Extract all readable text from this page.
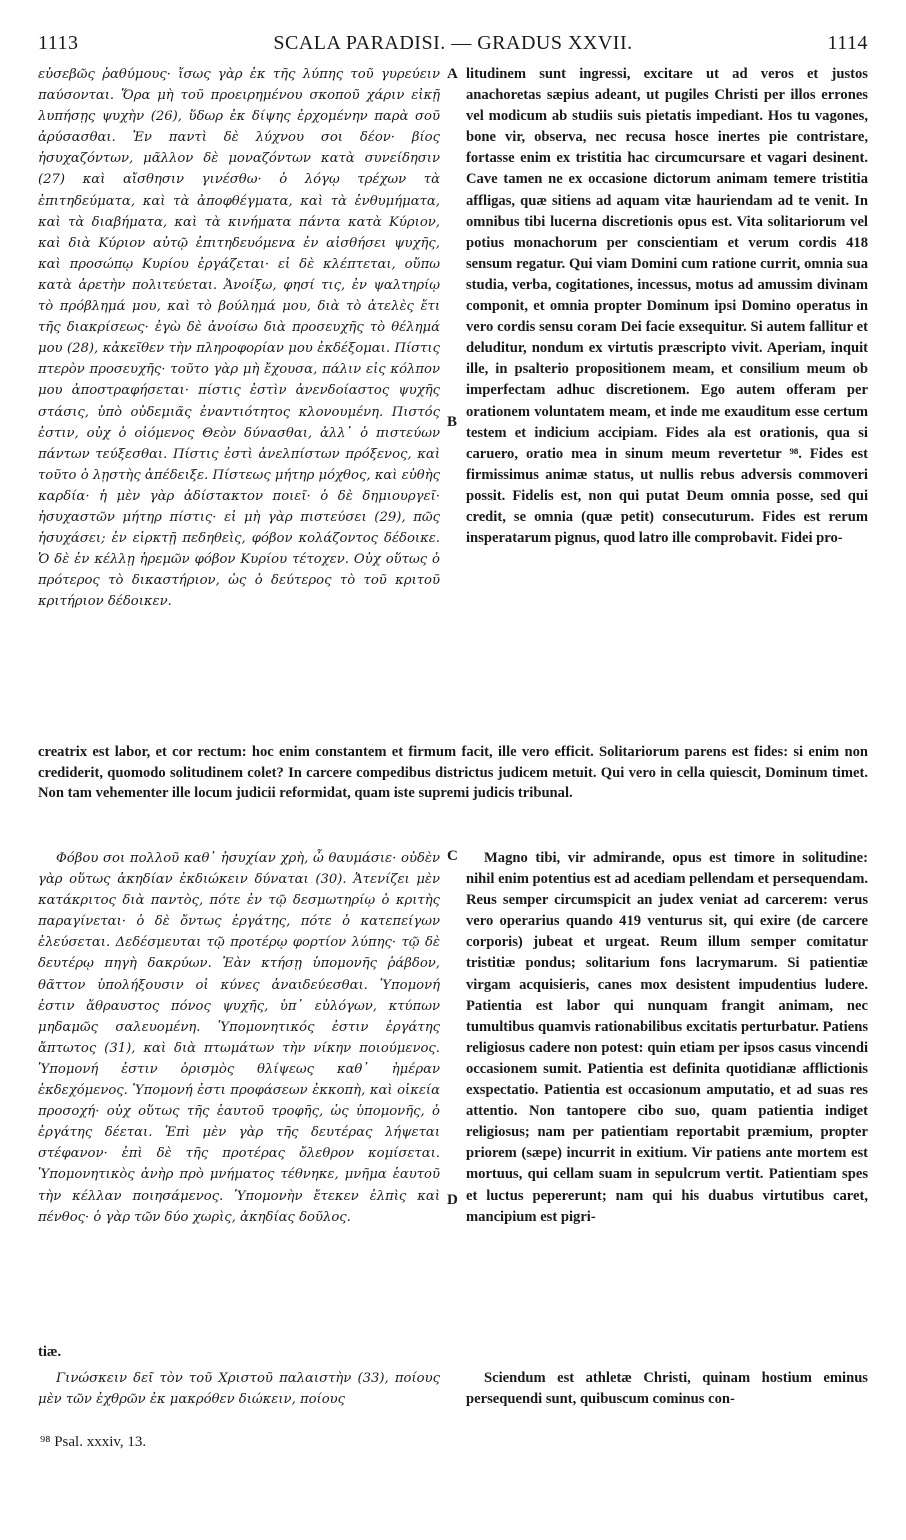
1113	SCALA PARADISI. — GRADUS XXVII.	1114

εὐσεβῶς ῥαθύμους· ἴσως γὰρ ἐκ τῆς λύπης τοῦ γυρεύειν παύσονται. Ὅρα μὴ τοῦ προειρημένου σκοποῦ χάριν εἰκῇ λυπήσῃς ψυχὴν (26), ὕδωρ ἐκ δίψης ἐρχομένην παρὰ σοῦ ἀρύσασθαι. Ἐν παντὶ δὲ λύχνου σοι δέον· βίος ἡσυχαζόντων, μᾶλλον δὲ μοναζόντων κατὰ συνείδησιν (27) καὶ αἴσθησιν γινέσθω· ὁ λόγῳ τρέχων τὰ ἐπιτηδεύματα, καὶ τὰ ἀποφθέγματα, καὶ τὰ ἐνθυμήματα, καὶ τὰ διαβήματα, καὶ τὰ κινήματα πάντα κατὰ Κύριον, καὶ διὰ Κύριον αὐτῷ ἐπιτηδευόμενα ἐν αἰσθήσει ψυχῆς, καὶ προσώπῳ Κυρίου ἐργάζεται· εἰ δὲ κλέπτεται, οὔπω κατὰ ἀρετὴν πολιτεύεται. Ἀνοίξω, φησί τις, ἐν ψαλτηρίῳ τὸ πρόβλημά μου, καὶ τὸ βούλημά μου, διὰ τὸ ἀτελὲς ἔτι τῆς διακρίσεως· ἐγὼ δὲ ἀνοίσω διὰ προσευχῆς τὸ θέλημά μου (28), κἀκεῖθεν τὴν πληροφορίαν μου ἐκδέξομαι. Πίστις πτερὸν προσευχῆς· τοῦτο γὰρ μὴ ἔχουσα, πάλιν εἰς κόλπον μου ἀποστραφήσεται· πίστις ἐστὶν ἀνενδοίαστος ψυχῆς στάσις, ὑπὸ οὐδεμιᾶς ἐναντιότητος κλονουμένη. Πιστός ἐστιν, οὐχ ὁ οἰόμενος Θεὸν δύνασθαι, ἀλλ᾽ ὁ πιστεύων πάντων τεύξεσθαι. Πίστις ἐστὶ ἀνελπίστων πρόξενος, καὶ τοῦτο ὁ λῃστὴς ἀπέδειξε. Πίστεως μήτηρ μόχθος, καὶ εὐθὴς καρδία· ἡ μὲν γὰρ ἀδίστακτον ποιεῖ· ὁ δὲ δημιουργεῖ· ἡσυχαστῶν μήτηρ πίστις· εἰ μὴ γὰρ πιστεύσει (29), πῶς ἡσυχάσει; ἐν εἱρκτῇ πεδηθεὶς, φόβον κολάζοντος δέδοικε. Ὁ δὲ ἐν κέλλῃ ἠρεμῶν φόβον Κυρίου τέτοχεν. Οὐχ οὕτως ὁ πρότερος τὸ δικαστήριον, ὡς ὁ δεύτερος τὸ τοῦ κριτοῦ κριτήριον δέδοικεν.

A
B

litudinem sunt ingressi, excitare ut ad veros et justos anachoretas sæpius adeant, ut pugiles Christi per illos errones vel modicum ab studiis suis pietatis impediant. Hos tu vagones, bone vir, observa, nec recusa hosce inertes pie contristare, fortasse enim ex tristitia hac circumcursare et vagari desinent. Cave tamen ne ex occasione dictorum animam temere tristitia affligas, quæ sitiens ad aquam vitæ hauriendam ad te venit. In omnibus tibi lucerna discretionis opus est. Vita solitariorum vel potius monachorum per conscientiam et verum cordis 418 sensum regatur. Qui viam Domini cum ratione currit, omnia sua studia, verba, cogitationes, incessus, motus ad amussim divinam componit, et omnia propter Dominum ipsi Domino operatus in vero cordis sensu coram Dei facie exsequitur. Si autem fallitur et deluditur, nondum ex virtutis præscripto vivit. Aperiam, inquit ille, in psalterio propositionem meam, et consilium meum ob imperfectam adhuc discretionem. Ego autem offeram per orationem voluntatem meam, et inde me exauditum esse certum testem et indicium accipiam. Fides ala est orationis, qua si caruero, oratio mea in sinum meum revertetur ⁹⁸. Fides est firmissimus animæ status, ut nullis rebus adversis commoveri possit. Fidelis est, non qui putat Deum omnia posse, sed qui credit, se omnia (quæ petit) consecuturum. Fides est rerum insperatarum pignus, quod latro ille comprobavit. Fidei pro-

creatrix est labor, et cor rectum: hoc enim constantem et firmum facit, ille vero efficit. Solitariorum parens est fides: si enim non crediderit, quomodo solitudinem colet? In carcere compedibus districtus judicem metuit. Qui vero in cella quiescit, Dominum timet. Non tam vehementer ille locum judicii reformidat, quam iste supremi judicis tribunal.

Φόβου σοι πολλοῦ καθ᾽ ἡσυχίαν χρὴ, ὦ θαυμάσιε· οὐδὲν γὰρ οὕτως ἀκηδίαν ἐκδιώκειν δύναται (30). Ἀτενίζει μὲν κατάκριτος διὰ παντὸς, πότε ἐν τῷ δεσμωτηρίῳ ὁ κριτὴς παραγίνεται· ὁ δὲ ὄντως ἐργάτης, πότε ὁ κατεπείγων ἐλεύσεται. Δεδέσμευται τῷ προτέρῳ φορτίον λύπης· τῷ δὲ δευτέρῳ πηγὴ δακρύων. Ἐὰν κτήσῃ ὑπομονῆς ῥάβδον, θᾶττον ὑπολήξουσιν οἱ κύνες ἀναιδεύεσθαι. Ὑπομονή ἐστιν ἄθραυστος πόνος ψυχῆς, ὑπ᾽ εὐλόγων, κτύπων μηδαμῶς σαλευομένη. Ὑπομονητικός ἐστιν ἐργάτης ἄπτωτος (31), καὶ διὰ πτωμάτων τὴν νίκην ποιούμενος. Ὑπομονή ἐστιν ὁρισμὸς θλίψεως καθ᾽ ἡμέραν ἐκδεχόμενος. Ὑπομονή ἐστι προφάσεων ἐκκοπὴ, καὶ οἰκεία προσοχή· οὐχ οὕτως τῆς ἑαυτοῦ τροφῆς, ὡς ὑπομονῆς, ὁ ἐργάτης δέεται. Ἐπὶ μὲν γὰρ τῆς δευτέρας λήψεται στέφανον· ἐπὶ δὲ τῆς προτέρας ὄλεθρον κομίσεται. Ὑπομονητικὸς ἀνὴρ πρὸ μνήματος τέθνηκε, μνῆμα ἑαυτοῦ τὴν κέλλαν ποιησάμενος. Ὑπομονὴν ἔτεκεν ἐλπὶς καὶ πένθος· ὁ γὰρ τῶν δύο χωρὶς, ἀκηδίας δοῦλος.

C
D

Magno tibi, vir admirande, opus est timore in solitudine: nihil enim potentius est ad acediam pellendam et persequendam. Reus semper circumspicit an judex veniat ad carcerem: verus vero operarius quando 419 venturus sit, qui exire (de carcere corporis) jubeat et urgeat. Reum illum semper comitatur tristitiæ pondus; solitarium fons lacrymarum. Si patientiæ virgam acquisieris, canes mox desistent impudentius ludere. Patientia est labor qui nunquam frangit animam, nec tumultibus quamvis rationabilibus excitatis perturbatur. Patiens religiosus cadere non potest: quin etiam per ipsos casus vincendi occasionem sumit. Patientia est definita quotidianæ afflictionis exspectatio. Patientia est occasionum amputatio, et ad suas res attentio. Non tantopere cibo suo, quam patientia indiget religiosus; nam per patientiam reportabit præmium, propter priorem (sæpe) incurrit in exitium. Vir patiens ante mortem est mortuus, qui cellam suam in sepulcrum vertit. Patientiam spes et luctus pepererunt; nam qui his duabus virtutibus caret, mancipium est pigri-

tiæ.

Γινώσκειν δεῖ τὸν τοῦ Χριστοῦ παλαιστὴν (33), ποίους μὲν τῶν ἐχθρῶν ἐκ μακρόθεν διώκειν, ποίους

Sciendum est athletæ Christi, quinam hostium eminus persequendi sunt, quibuscum cominus con-

⁹⁸ Psal. xxxiv, 13.
